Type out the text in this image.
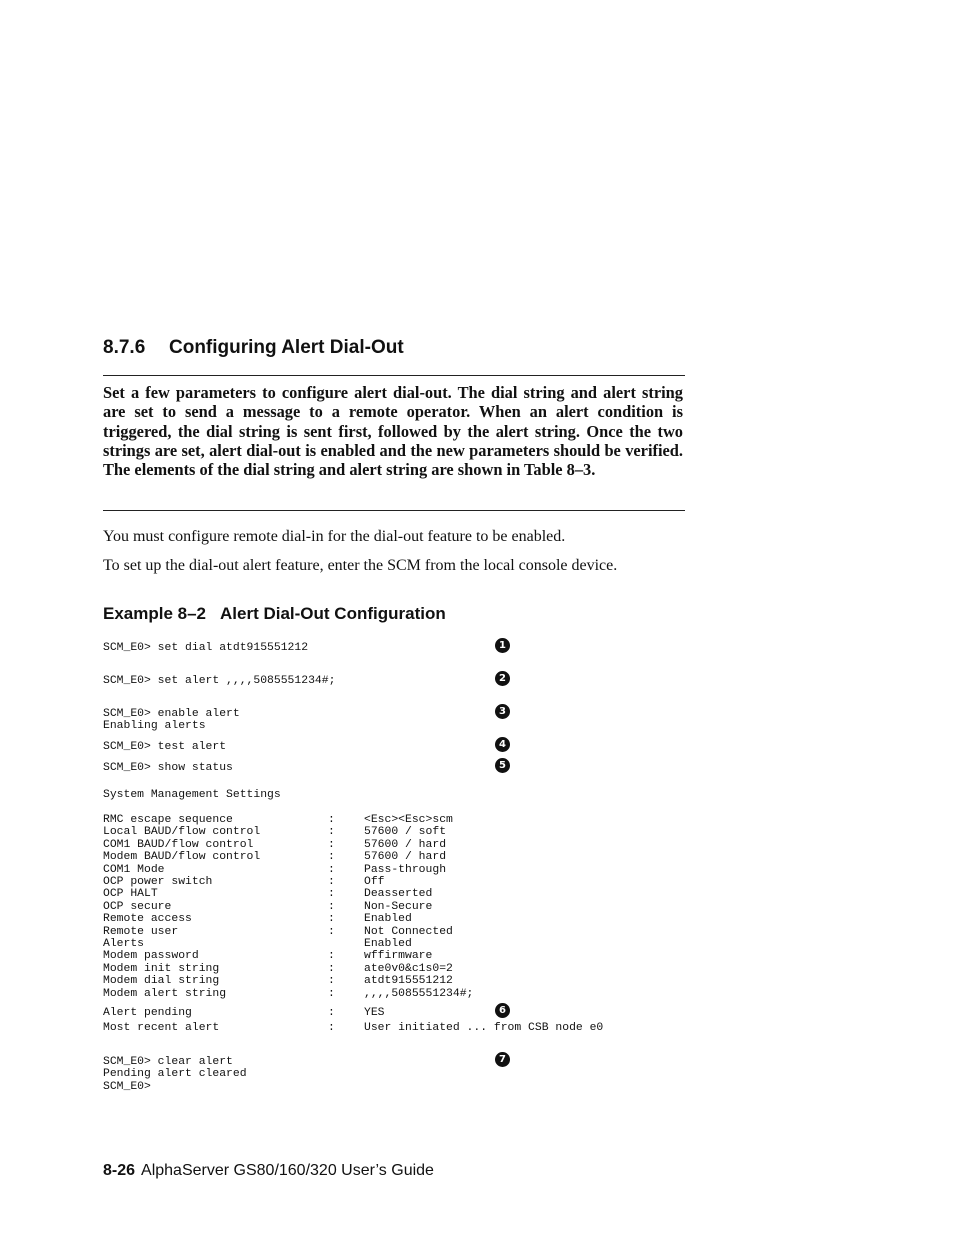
8.7.6 Configuring Alert Dial-Out

Set a few parameters to configure alert dial-out. The dial string and alert string are set to send a message to a remote operator. When an alert condition is triggered, the dial string is sent first, followed by the alert string. Once the two strings are set, alert dial-out is enabled and the new parameters should be verified. The elements of the dial string and alert string are shown in Table 8–3.

You must configure remote dial-in for the dial-out feature to be enabled.

To set up the dial-out alert feature, enter the SCM from the local console device.

Example 8–2 Alert Dial-Out Configuration
SCM_E0> set dial atdt915551212
SCM_E0> set alert ,,,,5085551234#;
SCM_E0> enable alert
Enabling alerts
SCM_E0> test alert
SCM_E0> show status
System Management Settings
RMC escape sequence	:	<Esc><Esc>scm
Local BAUD/flow control	:	57600 / soft
COM1 BAUD/flow control	:	57600 / hard
Modem BAUD/flow control	:	57600 / hard
COM1 Mode	:	Pass-through
OCP power switch	:	Off
OCP HALT	:	Deasserted
OCP secure	:	Non-Secure
Remote access	:	Enabled
Remote user	:	Not Connected
Alerts		Enabled
Modem password	:	wffirmware
Modem init string	:	ate0v0&c1s0=2
Modem dial string	:	atdt915551212
Modem alert string	:	,,,,5085551234#;
Alert pending	:	YES
Most recent alert	:	User initiated ... from CSB node e0
SCM_E0> clear alert
Pending alert cleared
SCM_E0>
1
2
3
4
5
6
7
8-26 AlphaServer GS80/160/320 User’s Guide
